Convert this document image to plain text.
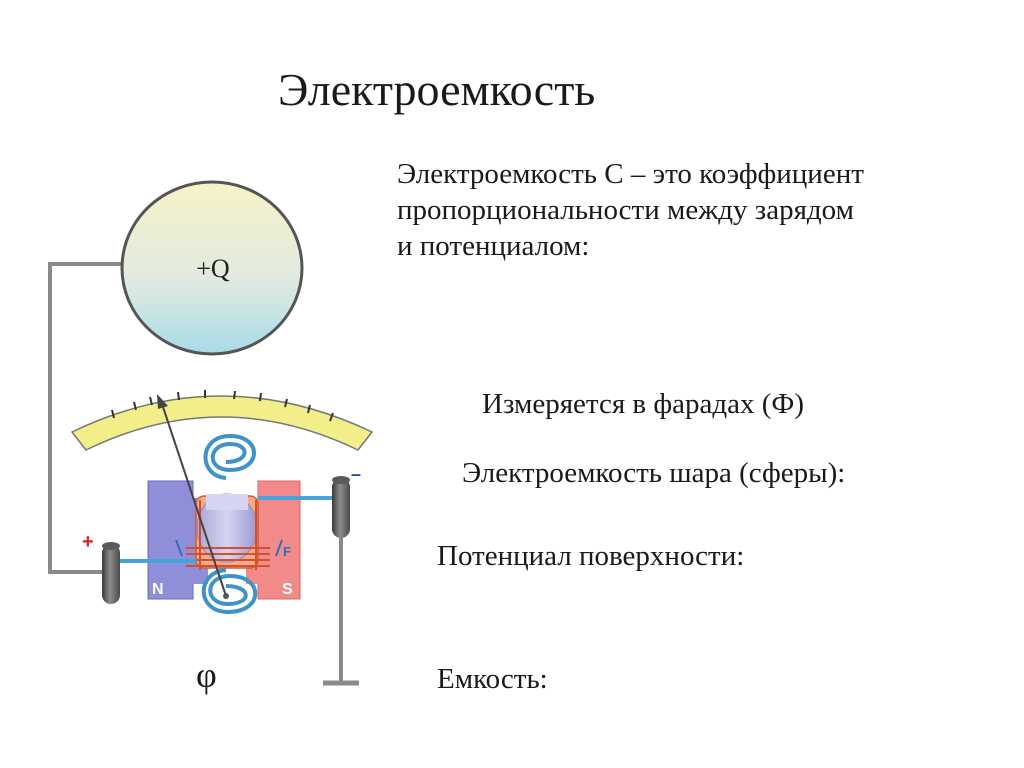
Электроемкость
Электроемкость С – это коэффициент
пропорциональности между зарядом
и потенциалом:
Измеряется в фарадах (Ф)
Электроемкость шара (сферы):
Потенциал поверхности:
Емкость:
+Q
N	S
F
+
–
φ
